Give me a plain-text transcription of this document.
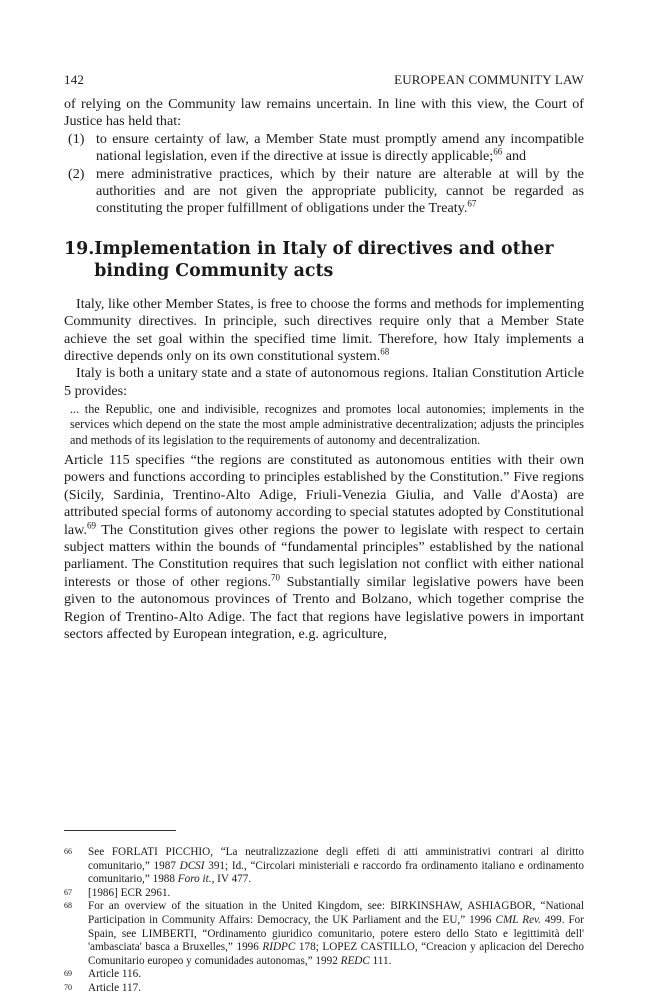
142	EUROPEAN COMMUNITY LAW

of relying on the Community law remains uncertain. In line with this view, the Court of Justice has held that:

(1) to ensure certainty of law, a Member State must promptly amend any incompatible national legislation, even if the directive at issue is directly applicable;$^{66}$ and
(2) mere administrative practices, which by their nature are alterable at will by the authorities and are not given the appropriate publicity, cannot be regarded as constituting the proper fulfillment of obligations under the Treaty.$^{67}$
19. Implementation in Italy of directives and other binding Community acts

Italy, like other Member States, is free to choose the forms and methods for implementing Community directives. In principle, such directives require only that a Member State achieve the set goal within the specified time limit. Therefore, how Italy implements a directive depends only on its own constitutional system.$^{68}$

Italy is both a unitary state and a state of autonomous regions. Italian Constitution Article 5 provides:

... the Republic, one and indivisible, recognizes and promotes local autonomies; implements in the services which depend on the state the most ample administrative decentralization; adjusts the principles and methods of its legislation to the requirements of autonomy and decentralization.

Article 115 specifies “the regions are constituted as autonomous entities with their own powers and functions according to principles established by the Constitution.” Five regions (Sicily, Sardinia, Trentino-Alto Adige, Friuli-Venezia Giulia, and Valle d'Aosta) are attributed special forms of autonomy according to special statutes adopted by Constitutional law.$^{69}$ The Constitution gives other regions the power to legislate with respect to certain subject matters within the bounds of “fundamental principles” established by the national parliament. The Constitution requires that such legislation not conflict with either national interests or those of other regions.$^{70}$ Substantially similar legislative powers have been given to the autonomous provinces of Trento and Bolzano, which together comprise the Region of Trentino-Alto Adige. The fact that regions have legislative powers in important sectors affected by European integration, e.g. agriculture,

66	See FORLATI PICCHIO, “La neutralizzazione degli effeti di atti amministrativi contrari al diritto comunitario,” 1987 DCSI 391; Id., “Circolari ministeriali e raccordo fra ordinamento italiano e ordinamento comunitario,” 1988 Foro it., IV 477.
67	[1986] ECR 2961.
68	For an overview of the situation in the United Kingdom, see: BIRKINSHAW, ASHIAGBOR, “National Participation in Community Affairs: Democracy, the UK Parliament and the EU,” 1996 CML Rev. 499. For Spain, see LIMBERTI, “Ordinamento giuridico comunitario, potere estero dello Stato e legittimità dell' 'ambasciata' basca a Bruxelles,” 1996 RIDPC 178; LOPEZ CASTILLO, “Creacion y aplicacion del Derecho Comunitario europeo y comunidades autonomas,” 1992 REDC 111.
69	Article 116.
70	Article 117.
